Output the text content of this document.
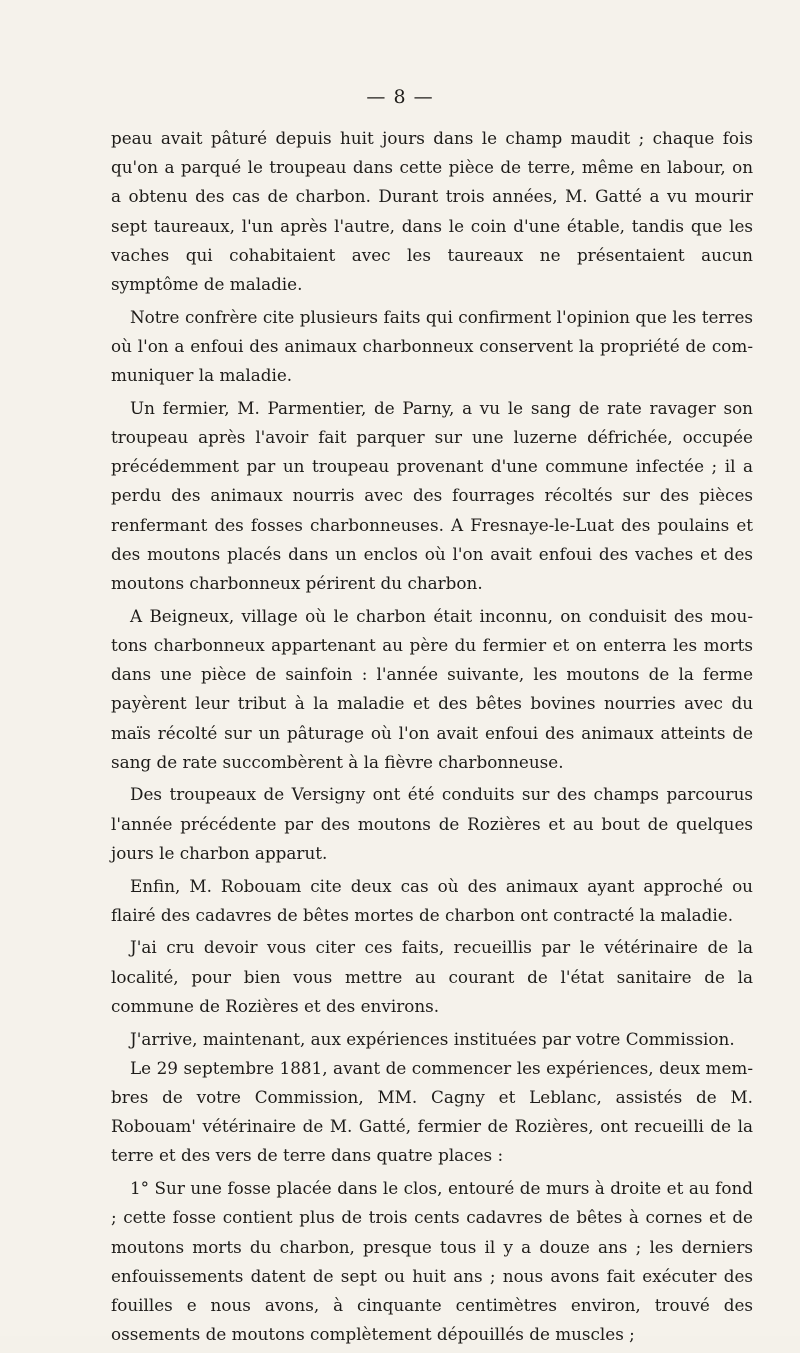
— 8 —

peau avait pâturé depuis huit jours dans le champ maudit ; chaque fois qu'on a parqué le troupeau dans cette pièce de terre, même en labour, on a obtenu des cas de charbon. Durant trois années, M. Gatté a vu mourir sept taureaux, l'un après l'autre, dans le coin d'une étable, tandis que les vaches qui cohabitaient avec les taureaux ne présentaient aucun symptôme de maladie.

Notre confrère cite plusieurs faits qui confirment l'opinion que les terres où l'on a enfoui des animaux charbonneux conservent la propriété de communiquer la maladie.

Un fermier, M. Parmentier, de Parny, a vu le sang de rate ravager son troupeau après l'avoir fait parquer sur une luzerne défrichée, occupée précédemment par un troupeau provenant d'une commune infectée ; il a perdu des animaux nourris avec des fourrages récoltés sur des pièces renfermant des fosses charbonneuses. A Fresnaye-le-Luat des poulains et des moutons placés dans un enclos où l'on avait enfoui des vaches et des moutons charbonneux périrent du charbon.

A Beigneux, village où le charbon était inconnu, on conduisit des moutons charbonneux appartenant au père du fermier et on enterra les morts dans une pièce de sainfoin : l'année suivante, les moutons de la ferme payèrent leur tribut à la maladie et des bêtes bovines nourries avec du maïs récolté sur un pâturage où l'on avait enfoui des animaux atteints de sang de rate succombèrent à la fièvre charbonneuse.

Des troupeaux de Versigny ont été conduits sur des champs parcourus l'année précédente par des moutons de Rozières et au bout de quelques jours le charbon apparut.

Enfin, M. Robouam cite deux cas où des animaux ayant approché ou flairé des cadavres de bêtes mortes de charbon ont contracté la maladie.

J'ai cru devoir vous citer ces faits, recueillis par le vétérinaire de la localité, pour bien vous mettre au courant de l'état sanitaire de la commune de Rozières et des environs.

J'arrive, maintenant, aux expériences instituées par votre Commission.

Le 29 septembre 1881, avant de commencer les expériences, deux membres de votre Commission, MM. Cagny et Leblanc, assistés de M. Robouam' vétérinaire de M. Gatté, fermier de Rozières, ont recueilli de la terre et des vers de terre dans quatre places :

1° Sur une fosse placée dans le clos, entouré de murs à droite et au fond ; cette fosse contient plus de trois cents cadavres de bêtes à cornes et de moutons morts du charbon, presque tous il y a douze ans ; les derniers enfouissements datent de sept ou huit ans ; nous avons fait exécuter des fouilles e nous avons, à cinquante centimètres environ, trouvé des ossements de moutons complètement dépouillés de muscles ;
